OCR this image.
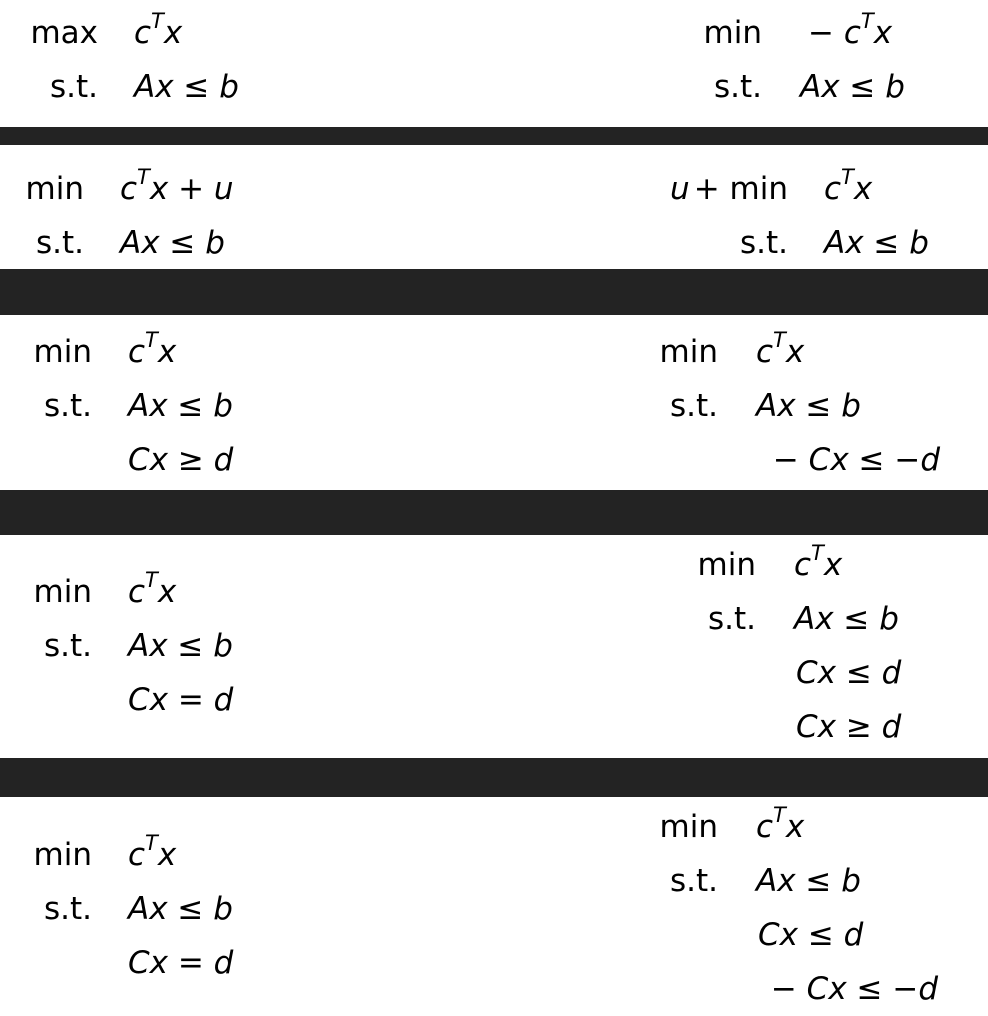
$\max c^Tx$
s.t. Ax ≤ b
$\min - c^Tx$
s.t. Ax ≤ b
$\min c^Tx + u$
s.t. Ax ≤ b
$u + \min c^Tx$
s.t. Ax ≤ b
$\min c^Tx$
s.t. Ax ≤ b
Cx ≥ d
$\min c^Tx$
s.t. Ax ≤ b
− Cx ≤ −d
$\min c^Tx$
s.t. Ax ≤ b
Cx = d
$\min c^Tx$
s.t. Ax ≤ b
Cx ≤ d
Cx ≥ d
$\min c^Tx$
s.t. Ax ≤ b
Cx = d
$\min c^Tx$
s.t. Ax ≤ b
Cx ≤ d
− Cx ≤ −d
